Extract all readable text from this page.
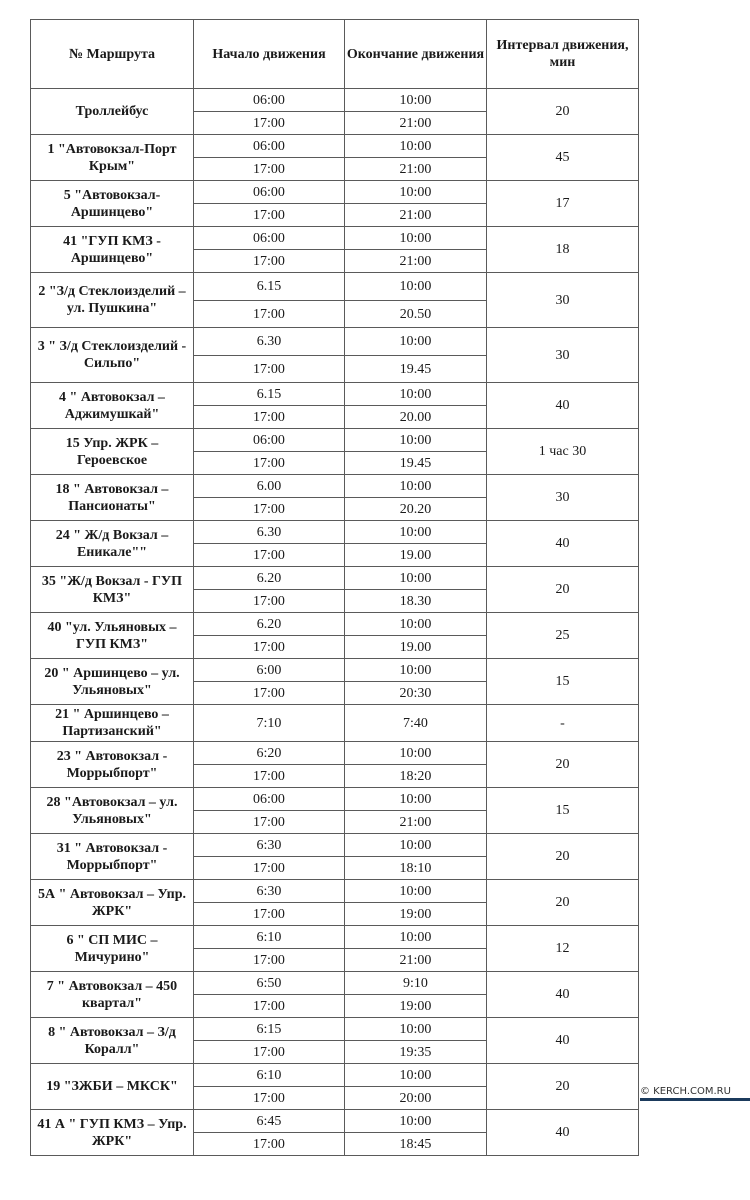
№ Маршрута	Начало движения	Окончание движения	Интервал движения, мин
Троллейбус	06:00	10:00	20
	17:00	21:00	
1 "Автовокзал-Порт Крым"	06:00	10:00	45
	17:00	21:00	
5 "Автовокзал-Аршинцево"	06:00	10:00	17
	17:00	21:00	
41 "ГУП КМЗ - Аршинцево"	06:00	10:00	18
	17:00	21:00	
2 "З/д Стеклоизделий – ул. Пушкина"	6.15	10:00	30
	17:00	20.50	
3 " З/д Стеклоизделий - Сильпо"	6.30	10:00	30
	17:00	19.45	
4 " Автовокзал – Аджимушкай"	6.15	10:00	40
	17:00	20.00	
15 Упр. ЖРК – Героевское	06:00	10:00	1 час 30
	17:00	19.45	
18 " Автовокзал – Пансионаты"	6.00	10:00	30
	17:00	20.20	
24 " Ж/д Вокзал – Еникале""	6.30	10:00	40
	17:00	19.00	
35 "Ж/д Вокзал - ГУП КМЗ"	6.20	10:00	20
	17:00	18.30	
40 "ул. Ульяновых – ГУП КМЗ"	6.20	10:00	25
	17:00	19.00	
20 " Аршинцево – ул. Ульяновых"	6:00	10:00	15
	17:00	20:30	
21 " Аршинцево – Партизанский"	7:10	7:40	-
23 " Автовокзал - Моррыбпорт"	6:20	10:00	20
	17:00	18:20	
28 "Автовокзал – ул. Ульяновых"	06:00	10:00	15
	17:00	21:00	
31 " Автовокзал - Моррыбпорт"	6:30	10:00	20
	17:00	18:10	
5А " Автовокзал – Упр. ЖРК"	6:30	10:00	20
	17:00	19:00	
6 " СП МИС – Мичурино"	6:10	10:00	12
	17:00	21:00	
7 " Автовокзал – 450 квартал"	6:50	9:10	40
	17:00	19:00	
8 " Автовокзал – З/д Коралл"	6:15	10:00	40
	17:00	19:35	
19 "ЗЖБИ – МКСК"	6:10	10:00	20
	17:00	20:00	
41 А " ГУП КМЗ – Упр. ЖРК"	6:45	10:00	40
	17:00	18:45	
© KERCH.COM.RU
